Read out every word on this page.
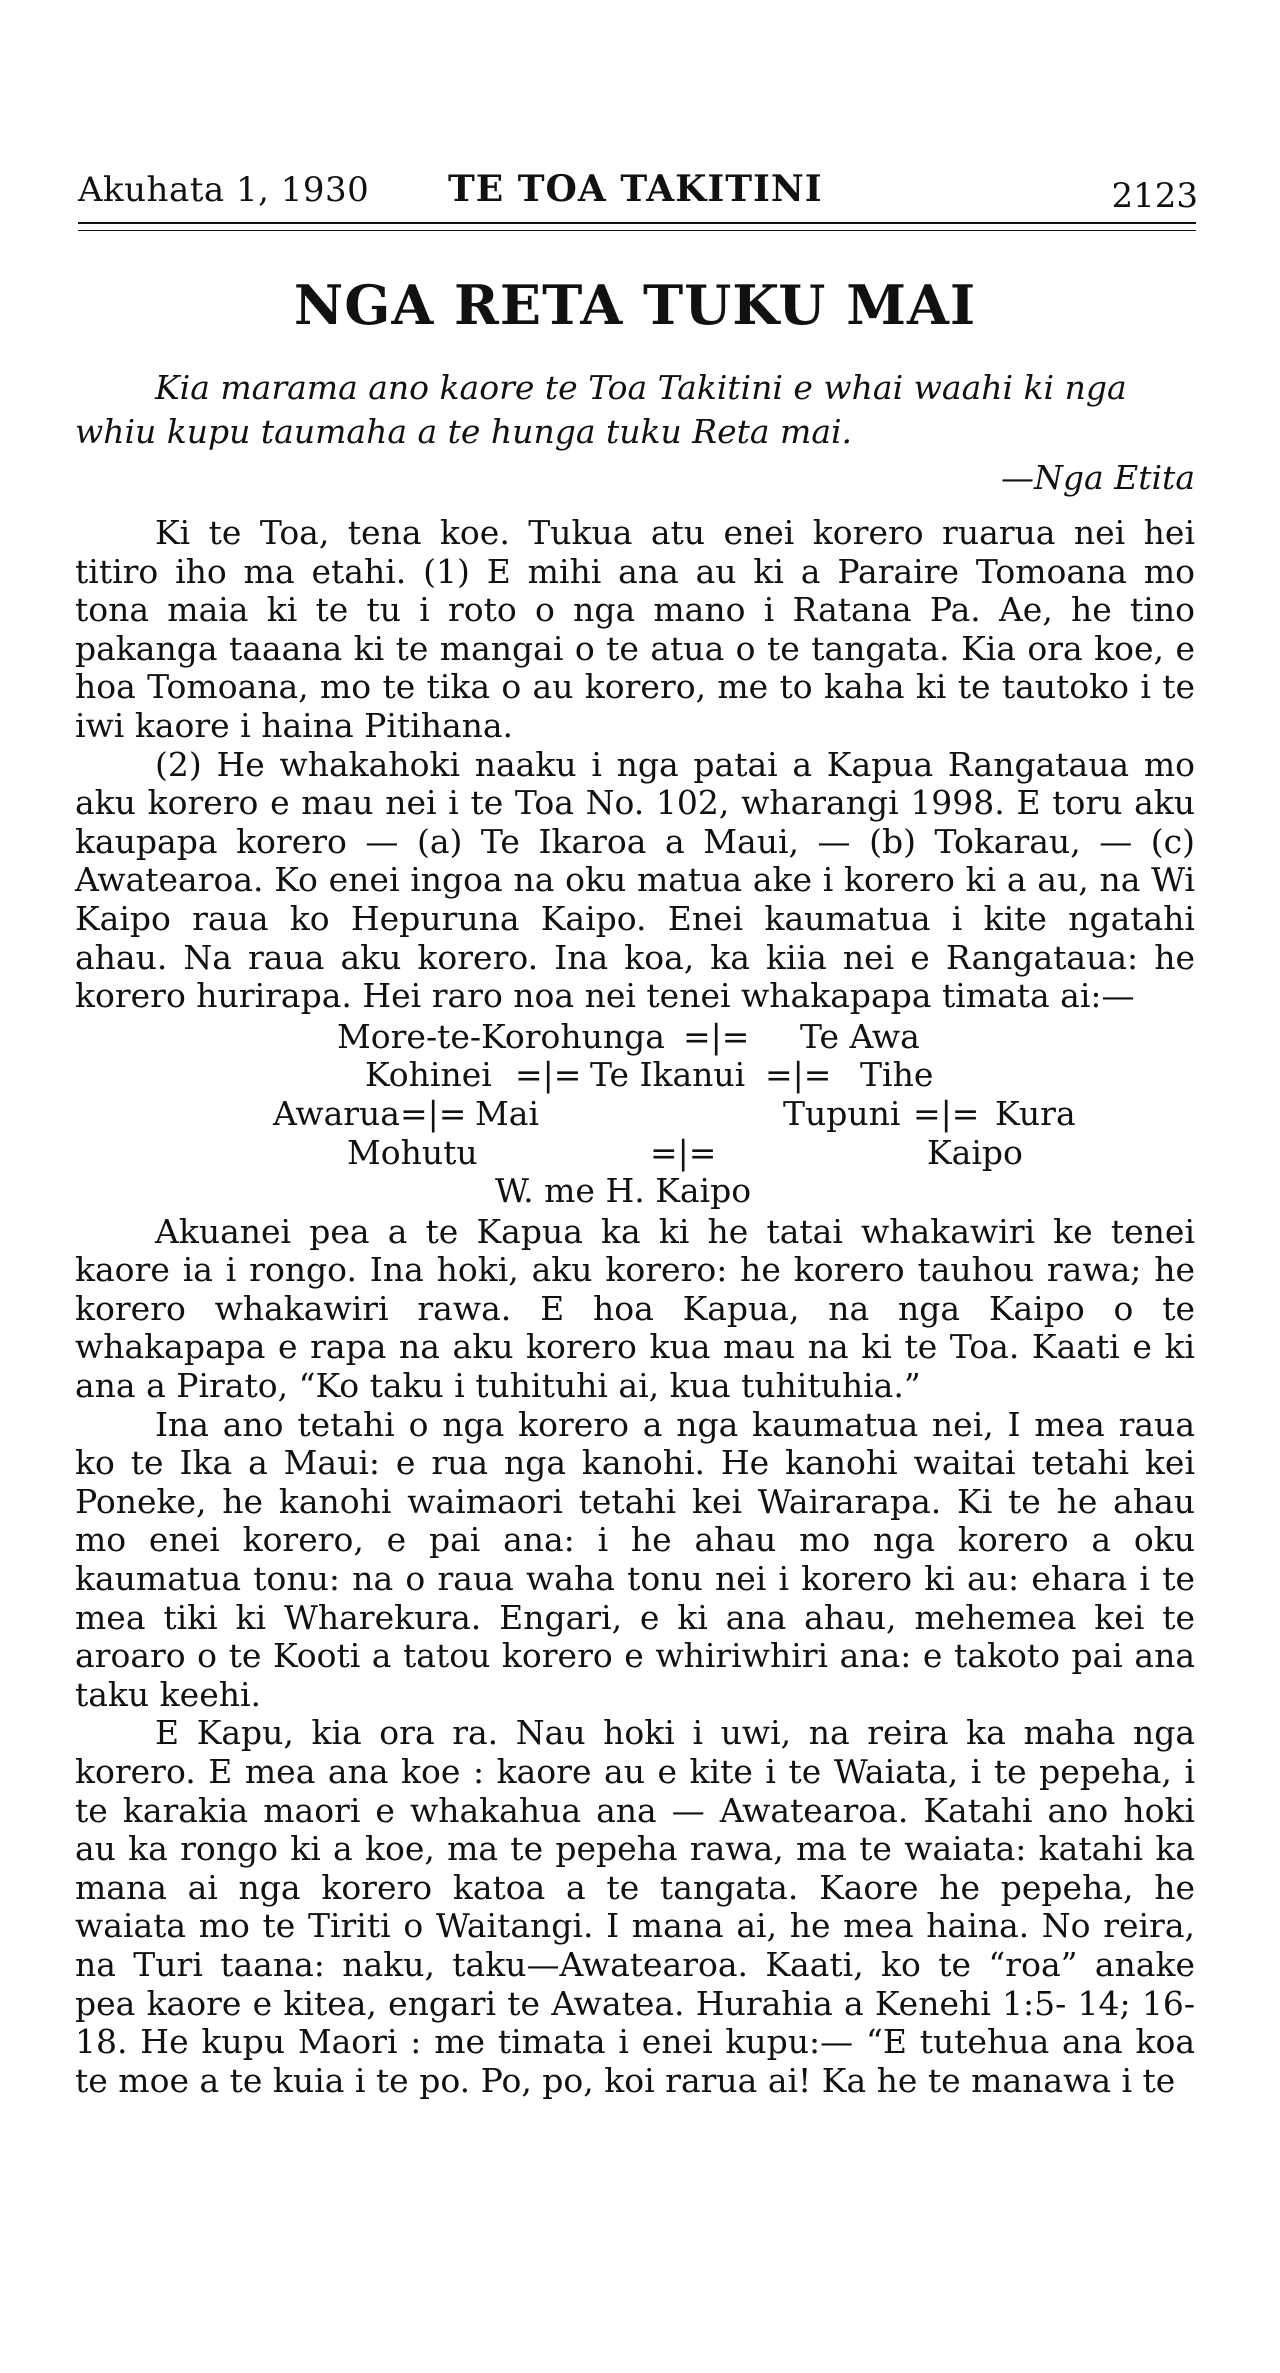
Akuhata 1, 1930 TE TOA TAKITINI	2123
NGA RETA TUKU MAI

Kia marama ano kaore te Toa Takitini e whai waahi ki nga whiu kupu taumaha a te hunga tuku Reta mai.

—Nga Etita

Ki te Toa, tena koe. Tukua atu enei korero ruarua nei hei titiro iho ma etahi. (1) E mihi ana au ki a Paraire Tomoana mo tona maia ki te tu i roto o nga mano i Ratana Pa. Ae, he tino pakanga taaana ki te mangai o te atua o te tangata. Kia ora koe, e hoa Tomoana, mo te tika o au korero, me to kaha ki te tautoko i te iwi kaore i haina Pitihana.

(2) He whakahoki naaku i nga patai a Kapua Rangataua mo aku korero e mau nei i te Toa No. 102, wharangi 1998. E toru aku kaupapa korero — (a) Te Ikaroa a Maui, — (b) Tokarau, — (c) Awatearoa. Ko enei ingoa na oku matua ake i korero ki a au, na Wi Kaipo raua ko Hepuruna Kaipo. Enei kaumatua i kite ngatahi ahau. Na raua aku korero. Ina koa, ka kiia nei e Rangataua: he korero hurirapa. Hei raro noa nei tenei whakapapa timata ai:—

More-te-Korohunga =|= Te Awa
Kohinei =|= Te Ikanui =|= Tihe
Awarua =|= Mai	Tupuni =|= Kura
Mohutu	=|=	Kaipo
W. me H. Kaipo

Akuanei pea a te Kapua ka ki he tatai whakawiri ke tenei kaore ia i rongo. Ina hoki, aku korero: he korero tauhou rawa; he korero whakawiri rawa. E hoa Kapua, na nga Kaipo o te whakapapa e rapa na aku korero kua mau na ki te Toa. Kaati e ki ana a Pirato, “Ko taku i tuhituhi ai, kua tuhituhia.”

Ina ano tetahi o nga korero a nga kaumatua nei, I mea raua ko te Ika a Maui: e rua nga kanohi. He kanohi waitai tetahi kei Poneke, he kanohi waimaori tetahi kei Wairarapa. Ki te he ahau mo enei korero, e pai ana: i he ahau mo nga korero a oku kaumatua tonu: na o raua waha tonu nei i korero ki au: ehara i te mea tiki ki Wharekura. Engari, e ki ana ahau, mehemea kei te aroaro o te Kooti a tatou korero e whiriwhiri ana: e takoto pai ana taku keehi.

E Kapu, kia ora ra. Nau hoki i uwi, na reira ka maha nga korero. E mea ana koe : kaore au e kite i te Waiata, i te pepeha, i te karakia maori e whakahua ana — Awatearoa. Katahi ano hoki au ka rongo ki a koe, ma te pepeha rawa, ma te waiata: katahi ka mana ai nga korero katoa a te tangata. Kaore he pepeha, he waiata mo te Tiriti o Waitangi. I mana ai, he mea haina. No reira, na Turi taana: naku, taku—Awatearoa. Kaati, ko te “roa” anake pea kaore e kitea, engari te Awatea. Hurahia a Kenehi 1:5- 14; 16- 18. He kupu Maori : me timata i enei kupu:— “E tutehua ana koa te moe a te kuia i te po. Po, po, koi rarua ai! Ka he te manawa i te
